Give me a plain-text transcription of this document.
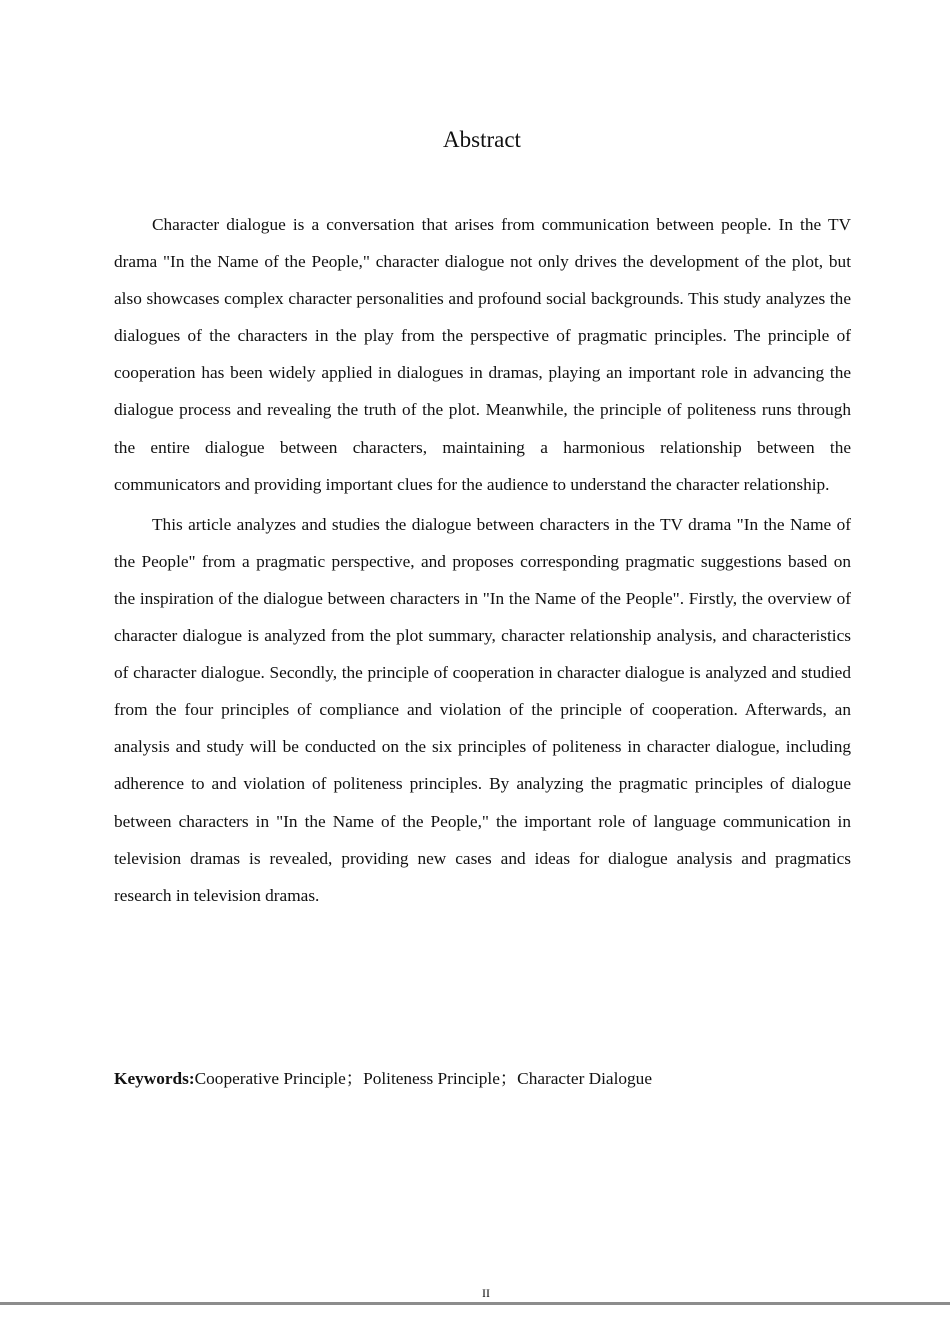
Abstract

Character dialogue is a conversation that arises from communication between people. In the TV drama "In the Name of the People," character dialogue not only drives the development of the plot, but also showcases complex character personalities and profound social backgrounds. This study analyzes the dialogues of the characters in the play from the perspective of pragmatic principles. The principle of cooperation has been widely applied in dialogues in dramas, playing an important role in advancing the dialogue process and revealing the truth of the plot. Meanwhile, the principle of politeness runs through the entire dialogue between characters, maintaining a harmonious relationship between the communicators and providing important clues for the audience to understand the character relationship.

This article analyzes and studies the dialogue between characters in the TV drama "In the Name of the People" from a pragmatic perspective, and proposes corresponding pragmatic suggestions based on the inspiration of the dialogue between characters in "In the Name of the People". Firstly, the overview of character dialogue is analyzed from the plot summary, character relationship analysis, and characteristics of character dialogue. Secondly, the principle of cooperation in character dialogue is analyzed and studied from the four principles of compliance and violation of the principle of cooperation. Afterwards, an analysis and study will be conducted on the six principles of politeness in character dialogue, including adherence to and violation of politeness principles. By analyzing the pragmatic principles of dialogue between characters in "In the Name of the People," the important role of language communication in television dramas is revealed, providing new cases and ideas for dialogue analysis and pragmatics research in television dramas.

Keywords:Cooperative Principle；Politeness Principle；Character Dialogue

II
